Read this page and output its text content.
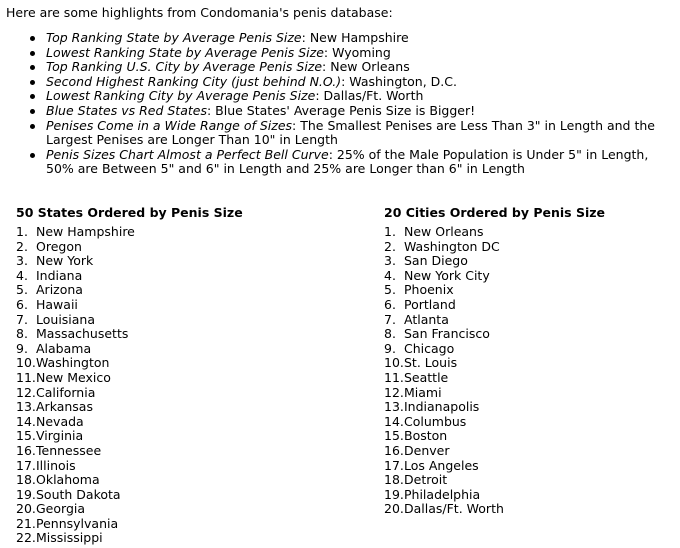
Here are some highlights from Condomania's penis database:

Top Ranking State by Average Penis Size: New Hampshire
Lowest Ranking State by Average Penis Size: Wyoming
Top Ranking U.S. City by Average Penis Size: New Orleans
Second Highest Ranking City (just behind N.O.): Washington, D.C.
Lowest Ranking City by Average Penis Size: Dallas/Ft. Worth
Blue States vs Red States: Blue States' Average Penis Size is Bigger!
Penises Come in a Wide Range of Sizes: The Smallest Penises are Less Than 3" in Length and the Largest Penises are Longer Than 10" in Length
Penis Sizes Chart Almost a Perfect Bell Curve: 25% of the Male Population is Under 5" in Length, 50% are Between 5" and 6" in Length and 25% are Longer than 6" in Length
50 States Ordered by Penis Size
1. New Hampshire
2. Oregon
3. New York
4. Indiana
5. Arizona
6. Hawaii
7. Louisiana
8. Massachusetts
9. Alabama
10.Washington
11.New Mexico
12.California
13.Arkansas
14.Nevada
15.Virginia
16.Tennessee
17.Illinois
18.Oklahoma
19.South Dakota
20.Georgia
21.Pennsylvania
22.Mississippi
20 Cities Ordered by Penis Size
1. New Orleans
2. Washington DC
3. San Diego
4. New York City
5. Phoenix
6. Portland
7. Atlanta
8. San Francisco
9. Chicago
10.St. Louis
11.Seattle
12.Miami
13.Indianapolis
14.Columbus
15.Boston
16.Denver
17.Los Angeles
18.Detroit
19.Philadelphia
20.Dallas/Ft. Worth
